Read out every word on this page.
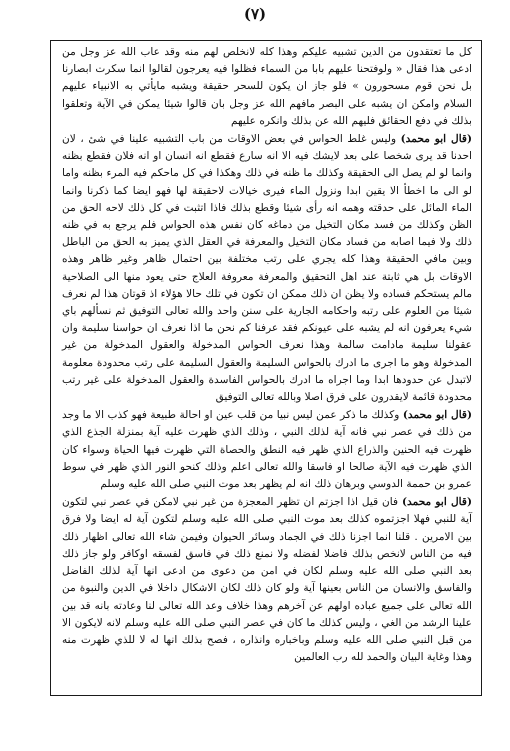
(٧)

كل ما تعتقدون من الدين تشبيه عليكم وهذا كله لانخلص لهم منه وقد عاب الله عز وجل من ادعى هذا فقال « ولوفتحنا عليهم بابا من السماء فظلوا فيه يعرجون لقالوا انما سكرت ابصارنا بل نحن قوم مسحورون » فلو جاز ان يكون للسحر حقيقة ويشبه مايأتي به الانبياء عليهم السلام وامكن ان يشبه على البصر مافهم الله عز وجل بان قالوا شيئا يمكن في الآية وتعلقوا بذلك في دفع الحقائق فليهم الله عن بذلك وانكره عليهم

(قال ابو محمد) وليس غلط الحواس في بعض الاوقات من باب التشبيه علينا في شئ ، لان احدنا قد يرى شخصا على بعد لايشك فيه الا انه سارع فقطع انه انسان او انه فلان فقطع بظنه وانما لو لم يصل الى الحقيقة وكذلك ما ظنه في ذلك وهكذا في كل ماحكم فيه المرء بظنه واما لو الى ما اخطأ الا يقين ابدا ونزول الماء فيرى خيالات لاحقيقة لها فهو ايضا كما ذكرنا وانما الماء المائل على حدقته وهمه انه رأى شيئا وقطع بذلك فاذا اتثبت في كل ذلك لاحه الحق من الظن وكذلك من فسد مكان التخيل من دماغه كان نفس هذه الحواس فلم يرجع به في ظنه ذلك ولا فيما اصابه من فساد مكان التخيل والمعرفة في العقل الذي يميز به الحق من الباطل وبين مافي الحقيقة وهذا كله يجري على رتب مختلفة بين احتمال ظاهر وغير ظاهر وهذه الاوقات بل هي ثابتة عند اهل التحقيق والمعرفة معروفة العلاج حتى يعود منها الى الصلاحية مالم يستحكم فساده ولا يظن ان ذلك ممكن ان تكون في تلك حالا هؤلاء اذ قوتان هذا لم نعرف شيئا من العلوم على رتبه واحكامه الجارية على سنن واحد والله تعالى التوفيق ثم نسألهم باي شيء يعرفون انه لم يشبه على عيونكم فقد عرفنا كم نحن ما اذا نعرف ان حواسنا سليمة وان عقولنا سليمة مادامت سالمة وهذا نعرف الحواس المدخولة والعقول المدخولة من غير المدخولة وهو ما اجرى ما ادرك بالحواس السليمة والعقول السليمة على رتب محدودة معلومة لاتبدل عن حدودها ابدا وما اجراه ما ادرك بالحواس الفاسدة والعقول المدخولة على غير رتب محدودة قائمة لايقدرون على فرق اصلا وبالله تعالى التوفيق

(قال ابو محمد) وكذلك ما ذكر عمن ليس نبيا من قلب عين او احالة طبيعة فهو كذب الا ما وجد من ذلك في عصر نبي فانه آية لذلك النبي ، وذلك الذي ظهرت عليه آية بمنزلة الجذع الذي ظهرت فيه الحنين والذراع الذي ظهر فيه النطق والحصاة التي ظهرت فيها الحياة وسواء كان الذي ظهرت فيه الآية صالحا او فاسقا والله تعالى اعلم وذلك كنحو النور الذي ظهر في سوط عمرو بن حممة الدوسي وبرهان ذلك انه لم يظهر بعد موت النبي صلى الله عليه وسلم

(قال ابو محمد) فان قيل اذا اجزتم ان تظهر المعجزة من غير نبي لامكن في عصر نبي لتكون آية للنبي فهلا اجزتموه كذلك بعد موت النبي صلى الله عليه وسلم لتكون آية له ايضا ولا فرق بين الامرين . قلنا انما اجزنا ذلك في الجماد وسائر الحيوان وفيمن شاء الله تعالى اظهار ذلك فيه من الناس لانخص بذلك فاضلا لفضله ولا نمنع ذلك في فاسق لفسقه اوكافر ولو جاز ذلك بعد النبي صلى الله عليه وسلم لكان في امن من دعوى من ادعى انها آية لذلك الفاضل والفاسق والانسان من الناس بعينها آية ولو كان ذلك لكان الاشكال داخلا في الدين والنبوة من الله تعالى على جميع عباده اولهم عن آخرهم وهذا خلاف وعد الله تعالى لنا وعادته بانه قد بين علينا الرشد من الغي ، وليس كذلك ما كان في عصر النبي صلى الله عليه وسلم لانه لايكون الا من قبل النبي صلى الله عليه وسلم وباخباره وانذاره ، فصح بذلك انها له لا للذي ظهرت منه وهذا وغاية البيان والحمد لله رب العالمين
